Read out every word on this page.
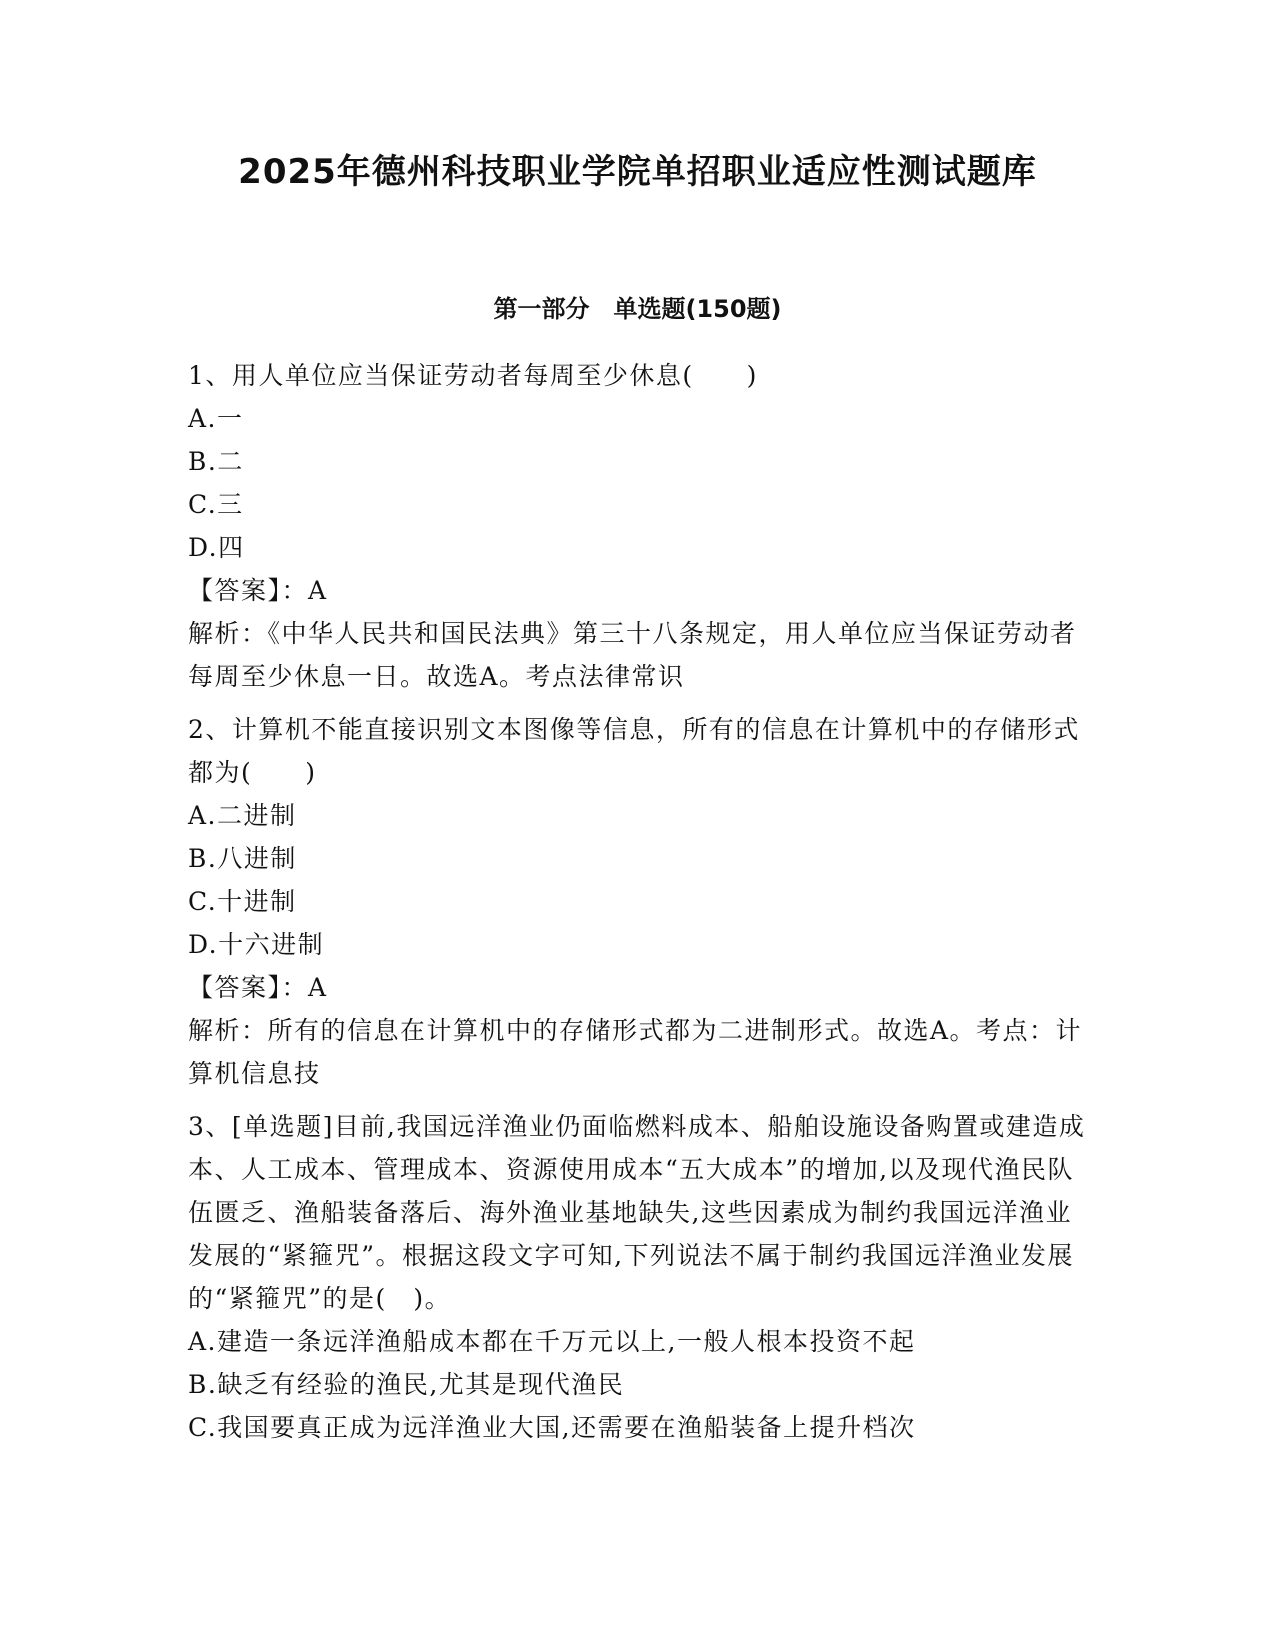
2025年德州科技职业学院单招职业适应性测试题库
第一部分　单选题(150题)

1、用人单位应当保证劳动者每周至少休息(　　)

A.一

B.二

C.三

D.四

【答案】：A

解析：《中华人民共和国民法典》第三十八条规定，用人单位应当保证劳动者每周至少休息一日。故选A。考点法律常识

2、计算机不能直接识别文本图像等信息，所有的信息在计算机中的存储形式都为(　　)

A.二进制

B.八进制

C.十进制

D.十六进制

【答案】：A

解析：所有的信息在计算机中的存储形式都为二进制形式。故选A。考点：计算机信息技

3、[单选题]目前,我国远洋渔业仍面临燃料成本、船舶设施设备购置或建造成本、人工成本、管理成本、资源使用成本“五大成本”的增加,以及现代渔民队伍匮乏、渔船装备落后、海外渔业基地缺失,这些因素成为制约我国远洋渔业发展的“紧箍咒”。根据这段文字可知,下列说法不属于制约我国远洋渔业发展的“紧箍咒”的是(　)。

A.建造一条远洋渔船成本都在千万元以上,一般人根本投资不起

B.缺乏有经验的渔民,尤其是现代渔民

C.我国要真正成为远洋渔业大国,还需要在渔船装备上提升档次
